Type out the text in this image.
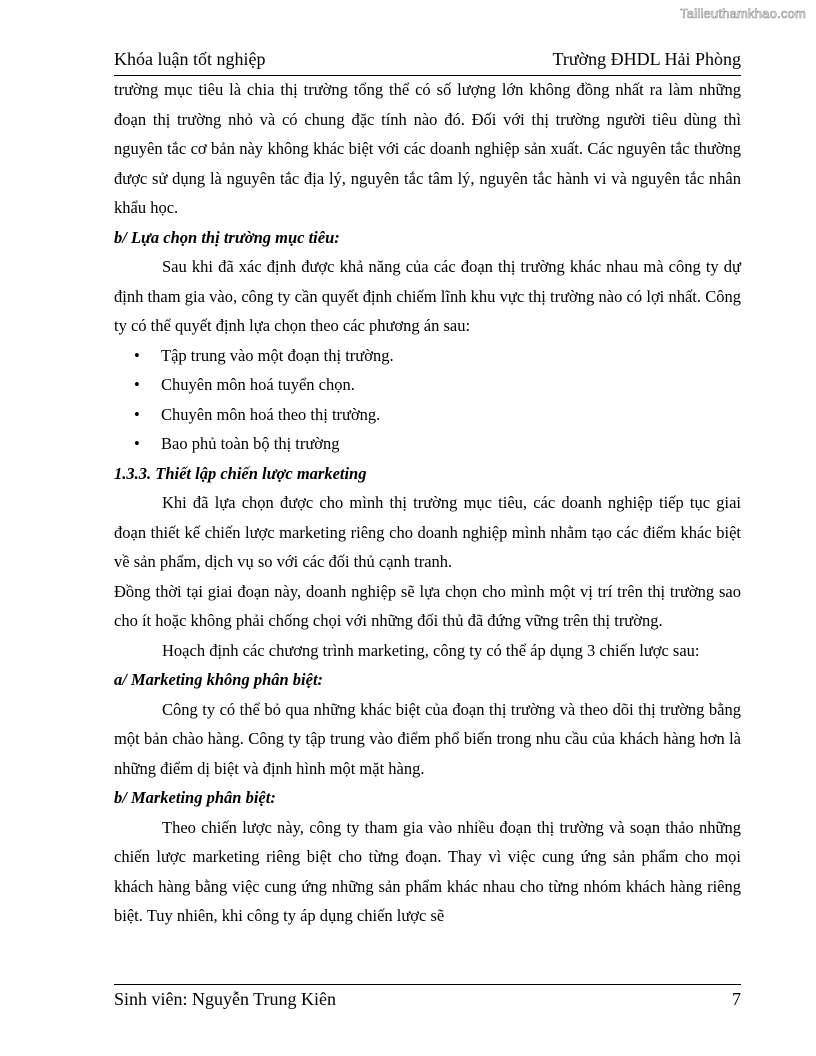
Tailieuthamkhao.com
Khóa luận tốt nghiệp	Trường ĐHDL Hải Phòng

trường mục tiêu là chia thị trường tổng thể có số lượng lớn không đồng nhất ra làm những đoạn thị trường nhỏ và có chung đặc tính nào đó. Đối với thị trường người tiêu dùng thì nguyên tắc cơ bản này không khác biệt với các doanh nghiệp sản xuất. Các nguyên tắc thường được sử dụng là nguyên tắc địa lý, nguyên tắc tâm lý, nguyên tắc hành vi và nguyên tắc nhân khẩu học.

b/ Lựa chọn thị trường mục tiêu:

Sau khi đã xác định được khả năng của các đoạn thị trường khác nhau mà công ty dự định tham gia vào, công ty cần quyết định chiếm lĩnh khu vực thị trường nào có lợi nhất. Công ty có thể quyết định lựa chọn theo các phương án sau:

• Tập trung vào một đoạn thị trường.
• Chuyên môn hoá tuyển chọn.
• Chuyên môn hoá theo thị trường.
• Bao phủ toàn bộ thị trường

1.3.3. Thiết lập chiến lược marketing

Khi đã lựa chọn được cho mình thị trường mục tiêu, các doanh nghiệp tiếp tục giai đoạn thiết kế chiến lược marketing riêng cho doanh nghiệp mình nhằm tạo các điểm khác biệt về sản phẩm, dịch vụ so với các đối thủ cạnh tranh.

Đồng thời tại giai đoạn này, doanh nghiệp sẽ lựa chọn cho mình một vị trí trên thị trường sao cho ít hoặc không phải chống chọi với những đối thủ đã đứng vững trên thị trường.

Hoạch định các chương trình marketing, công ty có thể áp dụng 3 chiến lược sau:

a/ Marketing không phân biệt:

Công ty có thể bỏ qua những khác biệt của đoạn thị trường và theo dõi thị trường bằng một bản chào hàng. Công ty tập trung vào điểm phổ biến trong nhu cầu của khách hàng hơn là những điểm dị biệt và định hình một mặt hàng.

b/ Marketing phân biệt:

Theo chiến lược này, công ty tham gia vào nhiều đoạn thị trường và soạn thảo những chiến lược marketing riêng biệt cho từng đoạn. Thay vì việc cung ứng sản phẩm cho mọi khách hàng bằng việc cung ứng những sản phẩm khác nhau cho từng nhóm khách hàng riêng biệt. Tuy nhiên, khi công ty áp dụng chiến lược sẽ

Sinh viên: Nguyễn Trung Kiên	7
